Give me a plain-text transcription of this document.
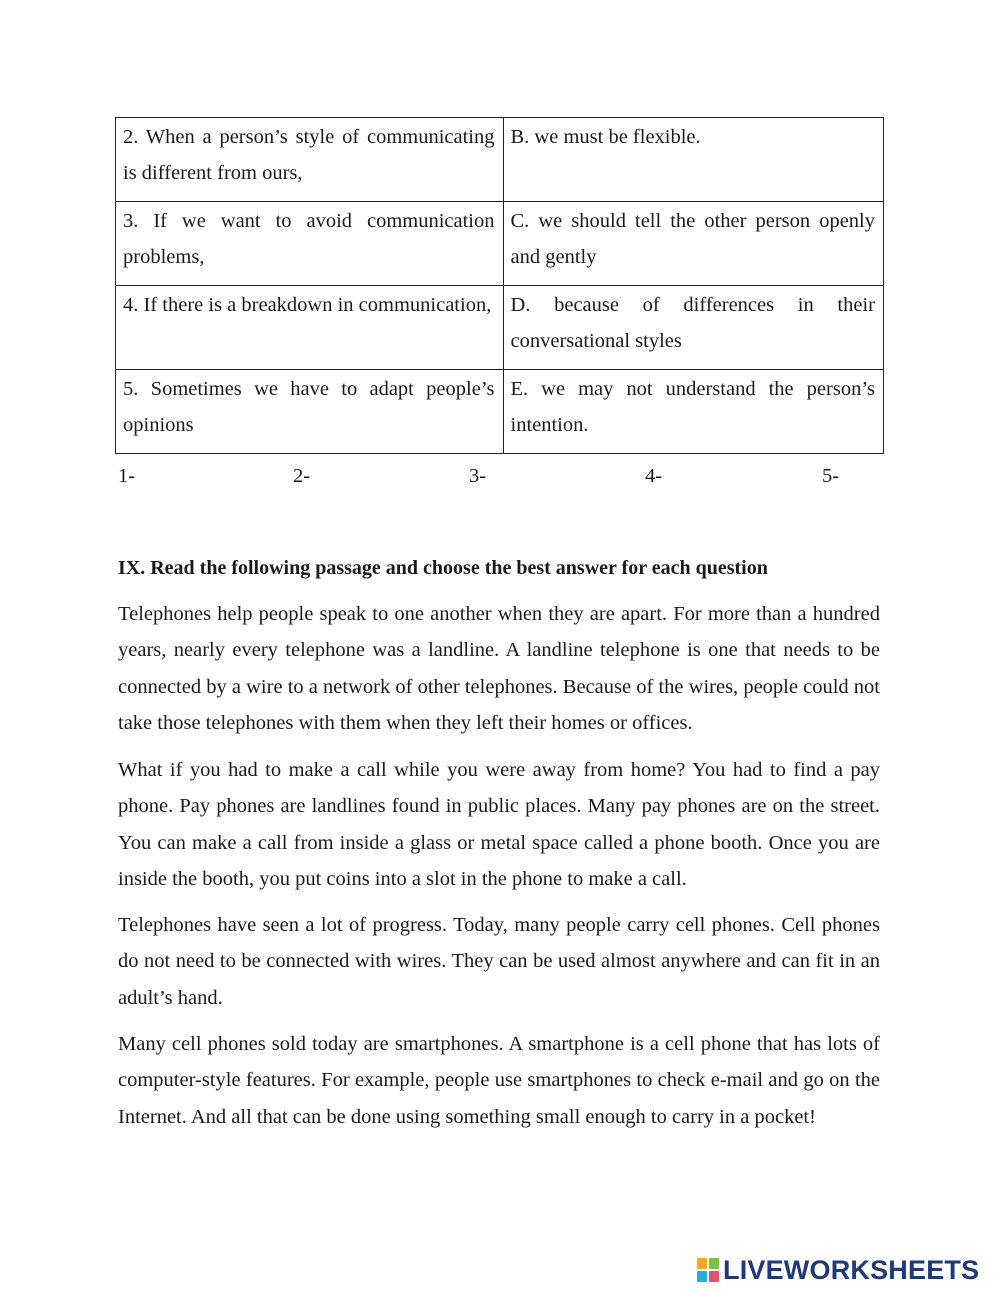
2. When a person’s style of communicating is different from ours,	B. we must be flexible.
3. If we want to avoid communication problems,	C. we should tell the other person openly and gently
4. If there is a breakdown in communication,	D. because of differences in their conversational styles
5. Sometimes we have to adapt people’s opinions	E. we may not understand the person’s intention.
1-	2-	3-	4-	5-
IX. Read the following passage and choose the best answer for each question

Telephones help people speak to one another when they are apart. For more than a hundred years, nearly every telephone was a landline. A landline telephone is one that needs to be connected by a wire to a network of other telephones. Because of the wires, people could not take those telephones with them when they left their homes or offices.

What if you had to make a call while you were away from home? You had to find a pay phone. Pay phones are landlines found in public places. Many pay phones are on the street. You can make a call from inside a glass or metal space called a phone booth. Once you are inside the booth, you put coins into a slot in the phone to make a call.

Telephones have seen a lot of progress. Today, many people carry cell phones. Cell phones do not need to be connected with wires. They can be used almost anywhere and can fit in an adult’s hand.

Many cell phones sold today are smartphones. A smartphone is a cell phone that has lots of computer-style features. For example, people use smartphones to check e-mail and go on the Internet. And all that can be done using something small enough to carry in a pocket!

LIVEWORKSHEETS
